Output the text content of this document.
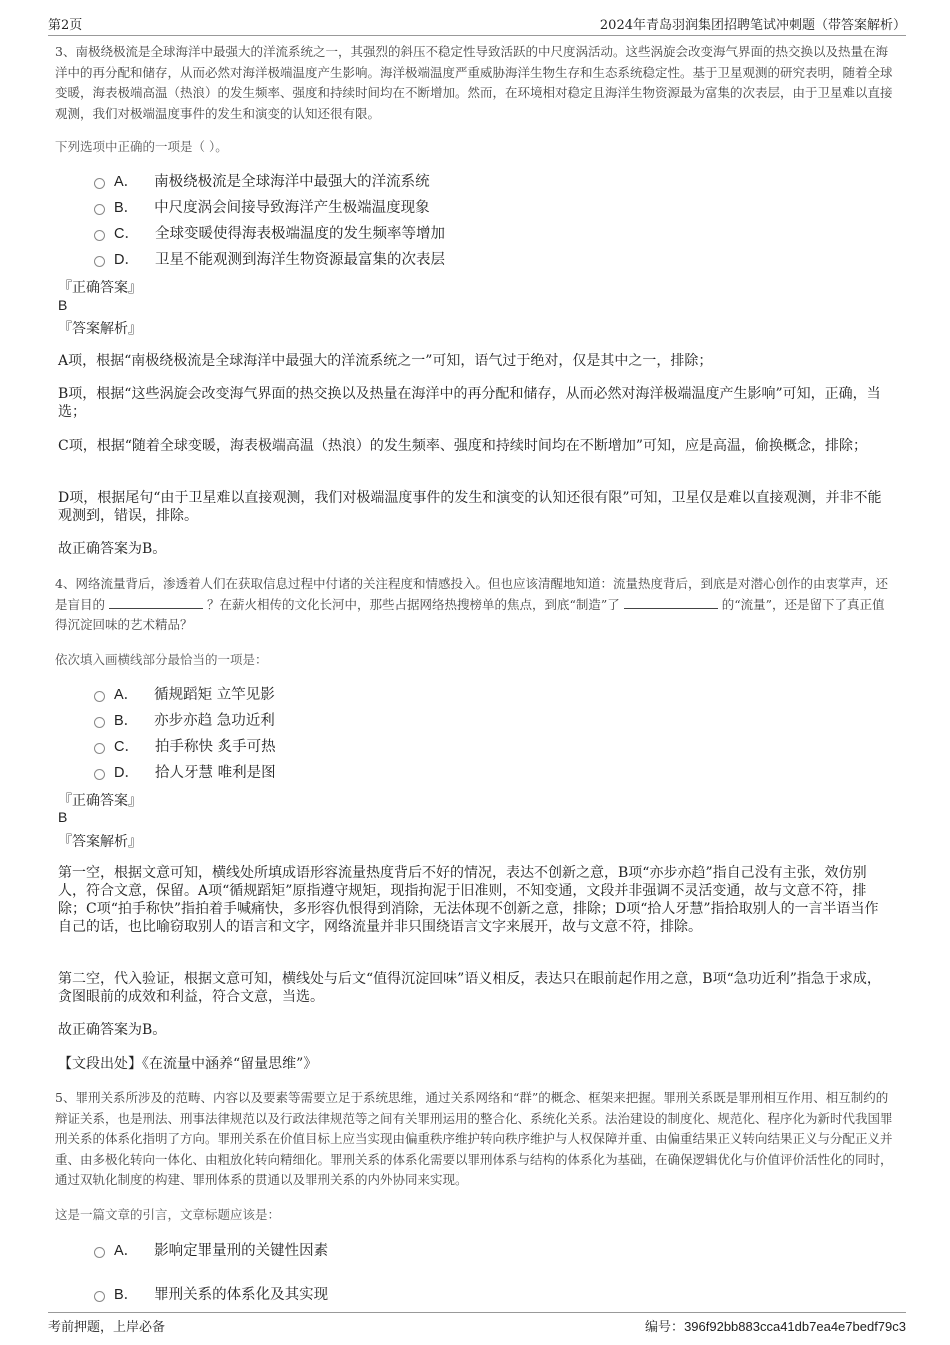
第2页	2024年青岛羽润集团招聘笔试冲刺题（带答案解析）
3、南极绕极流是全球海洋中最强大的洋流系统之一，其强烈的斜压不稳定性导致活跃的中尺度涡活动。这些涡旋会改变海气界面的热交换以及热量在海洋中的再分配和储存，从而必然对海洋极端温度产生影响。海洋极端温度严重威胁海洋生物生存和生态系统稳定性。基于卫星观测的研究表明，随着全球变暖，海表极端高温（热浪）的发生频率、强度和持续时间均在不断增加。然而，在环境相对稳定且海洋生物资源最为富集的次表层，由于卫星难以直接观测，我们对极端温度事件的发生和演变的认知还很有限。
下列选项中正确的一项是（ ）。
A． 南极绕极流是全球海洋中最强大的洋流系统
B． 中尺度涡会间接导致海洋产生极端温度现象
C． 全球变暖使得海表极端温度的发生频率等增加
D． 卫星不能观测到海洋生物资源最富集的次表层
『正确答案』
B
『答案解析』
A项，根据“南极绕极流是全球海洋中最强大的洋流系统之一”可知，语气过于绝对，仅是其中之一，排除；
B项，根据“这些涡旋会改变海气界面的热交换以及热量在海洋中的再分配和储存，从而必然对海洋极端温度产生影响”可知，正确，当选；
C项，根据“随着全球变暖，海表极端高温（热浪）的发生频率、强度和持续时间均在不断增加”可知，应是高温，偷换概念，排除；
D项，根据尾句“由于卫星难以直接观测，我们对极端温度事件的发生和演变的认知还很有限”可知，卫星仅是难以直接观测，并非不能观测到，错误，排除。
故正确答案为B。
4、网络流量背后，渗透着人们在获取信息过程中付诸的关注程度和情感投入。但也应该清醒地知道：流量热度背后，到底是对潜心创作的由衷掌声，还是盲目的	？在薪火相传的文化长河中，那些占据网络热搜榜单的焦点，到底“制造”了	的“流量”，还是留下了真正值得沉淀回味的艺术精品？
依次填入画横线部分最恰当的一项是：
A． 循规蹈矩 立竿见影
B． 亦步亦趋 急功近利
C． 拍手称快 炙手可热
D． 拾人牙慧 唯利是图
『正确答案』
B
『答案解析』
第一空，根据文意可知，横线处所填成语形容流量热度背后不好的情况，表达不创新之意，B项“亦步亦趋”指自己没有主张，效仿别人，符合文意，保留。A项“循规蹈矩”原指遵守规矩，现指拘泥于旧准则，不知变通，文段并非强调不灵活变通，故与文意不符，排除；C项“拍手称快”指拍着手喊痛快，多形容仇恨得到消除，无法体现不创新之意，排除；D项“拾人牙慧”指拾取别人的一言半语当作自己的话，也比喻窃取别人的语言和文字，网络流量并非只围绕语言文字来展开，故与文意不符，排除。
第二空，代入验证，根据文意可知，横线处与后文“值得沉淀回味”语义相反，表达只在眼前起作用之意，B项“急功近利”指急于求成，贪图眼前的成效和利益，符合文意，当选。
故正确答案为B。
【文段出处】《在流量中涵养“留量思维”》
5、罪刑关系所涉及的范畴、内容以及要素等需要立足于系统思维，通过关系网络和“群”的概念、框架来把握。罪刑关系既是罪刑相互作用、相互制约的辩证关系，也是刑法、刑事法律规范以及行政法律规范等之间有关罪刑运用的整合化、系统化关系。法治建设的制度化、规范化、程序化为新时代我国罪刑关系的体系化指明了方向。罪刑关系在价值目标上应当实现由偏重秩序维护转向秩序维护与人权保障并重、由偏重结果正义转向结果正义与分配正义并重、由多极化转向一体化、由粗放化转向精细化。罪刑关系的体系化需要以罪刑体系与结构的体系化为基础，在确保逻辑优化与价值评价活性化的同时，通过双轨化制度的构建、罪刑体系的贯通以及罪刑关系的内外协同来实现。
这是一篇文章的引言，文章标题应该是：
A． 影响定罪量刑的关键性因素
B． 罪刑关系的体系化及其实现
考前押题，上岸必备	编号：396f92bb883cca41db7ea4e7bedf79c3
